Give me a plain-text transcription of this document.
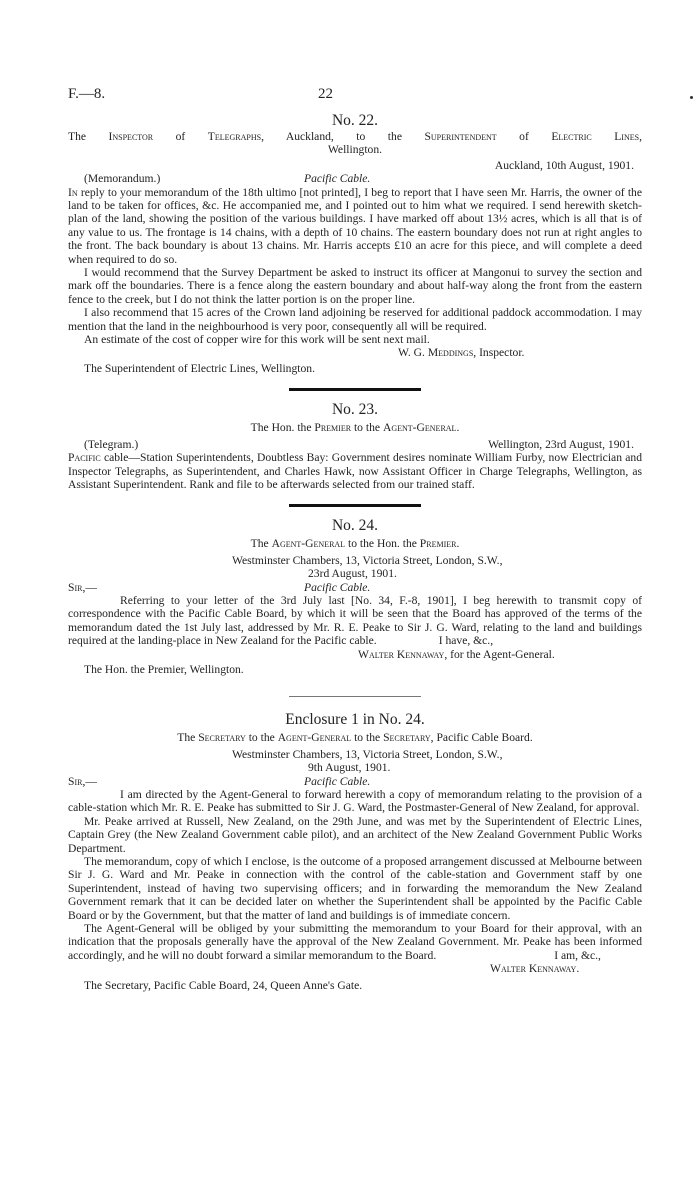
F.—8.	22
No. 22.
The Inspector of Telegraphs, Auckland, to the Superintendent of Electric Lines,
Wellington.
Auckland, 10th August, 1901.
(Memorandum.)	Pacific Cable.

In reply to your memorandum of the 18th ultimo [not printed], I beg to report that I have seen Mr. Harris, the owner of the land to be taken for offices, &c. He accompanied me, and I pointed out to him what we required. I send herewith sketch-plan of the land, showing the position of the various buildings. I have marked off about 13½ acres, which is all that is of any value to us. The frontage is 14 chains, with a depth of 10 chains. The eastern boundary does not run at right angles to the front. The back boundary is about 13 chains. Mr. Harris accepts £10 an acre for this piece, and will complete a deed when required to do so.

I would recommend that the Survey Department be asked to instruct its officer at Mangonui to survey the section and mark off the boundaries. There is a fence along the eastern boundary and about half-way along the front from the eastern fence to the creek, but I do not think the latter portion is on the proper line.

I also recommend that 15 acres of the Crown land adjoining be reserved for additional paddock accommodation. I may mention that the land in the neighbourhood is very poor, consequently all will be required.

An estimate of the cost of copper wire for this work will be sent next mail.

W. G. Meddings, Inspector.
The Superintendent of Electric Lines, Wellington.
No. 23.
The Hon. the Premier to the Agent-General.
(Telegram.)	Wellington, 23rd August, 1901.

Pacific cable—Station Superintendents, Doubtless Bay: Government desires nominate William Furby, now Electrician and Inspector Telegraphs, as Superintendent, and Charles Hawk, now Assistant Officer in Charge Telegraphs, Wellington, as Assistant Superintendent. Rank and file to be afterwards selected from our trained staff.

No. 24.
The Agent-General to the Hon. the Premier.
Westminster Chambers, 13, Victoria Street, London, S.W.,
23rd August, 1901.
Sir,—	Pacific Cable.

Referring to your letter of the 3rd July last [No. 34, F.-8, 1901], I beg herewith to transmit copy of correspondence with the Pacific Cable Board, by which it will be seen that the Board has approved of the terms of the memorandum dated the 1st July last, addressed by Mr. R. E. Peake to Sir J. G. Ward, relating to the land and buildings required at the landing-place in New Zealand for the Pacific cable.	I have, &c.,

Walter Kennaway, for the Agent-General.
The Hon. the Premier, Wellington.
Enclosure 1 in No. 24.
The Secretary to the Agent-General to the Secretary, Pacific Cable Board.
Westminster Chambers, 13, Victoria Street, London, S.W.,
9th August, 1901.
Sir,—	Pacific Cable.

I am directed by the Agent-General to forward herewith a copy of memorandum relating to the provision of a cable-station which Mr. R. E. Peake has submitted to Sir J. G. Ward, the Postmaster-General of New Zealand, for approval.

Mr. Peake arrived at Russell, New Zealand, on the 29th June, and was met by the Superintendent of Electric Lines, Captain Grey (the New Zealand Government cable pilot), and an architect of the New Zealand Government Public Works Department.

The memorandum, copy of which I enclose, is the outcome of a proposed arrangement discussed at Melbourne between Sir J. G. Ward and Mr. Peake in connection with the control of the cable-station and Government staff by one Superintendent, instead of having two supervising officers; and in forwarding the memorandum the New Zealand Government remark that it can be decided later on whether the Superintendent shall be appointed by the Pacific Cable Board or by the Government, but that the matter of land and buildings is of immediate concern.

The Agent-General will be obliged by your submitting the memorandum to your Board for their approval, with an indication that the proposals generally have the approval of the New Zealand Government. Mr. Peake has been informed accordingly, and he will no doubt forward a similar memorandum to the Board.	I am, &c.,

Walter Kennaway.
The Secretary, Pacific Cable Board, 24, Queen Anne's Gate.
